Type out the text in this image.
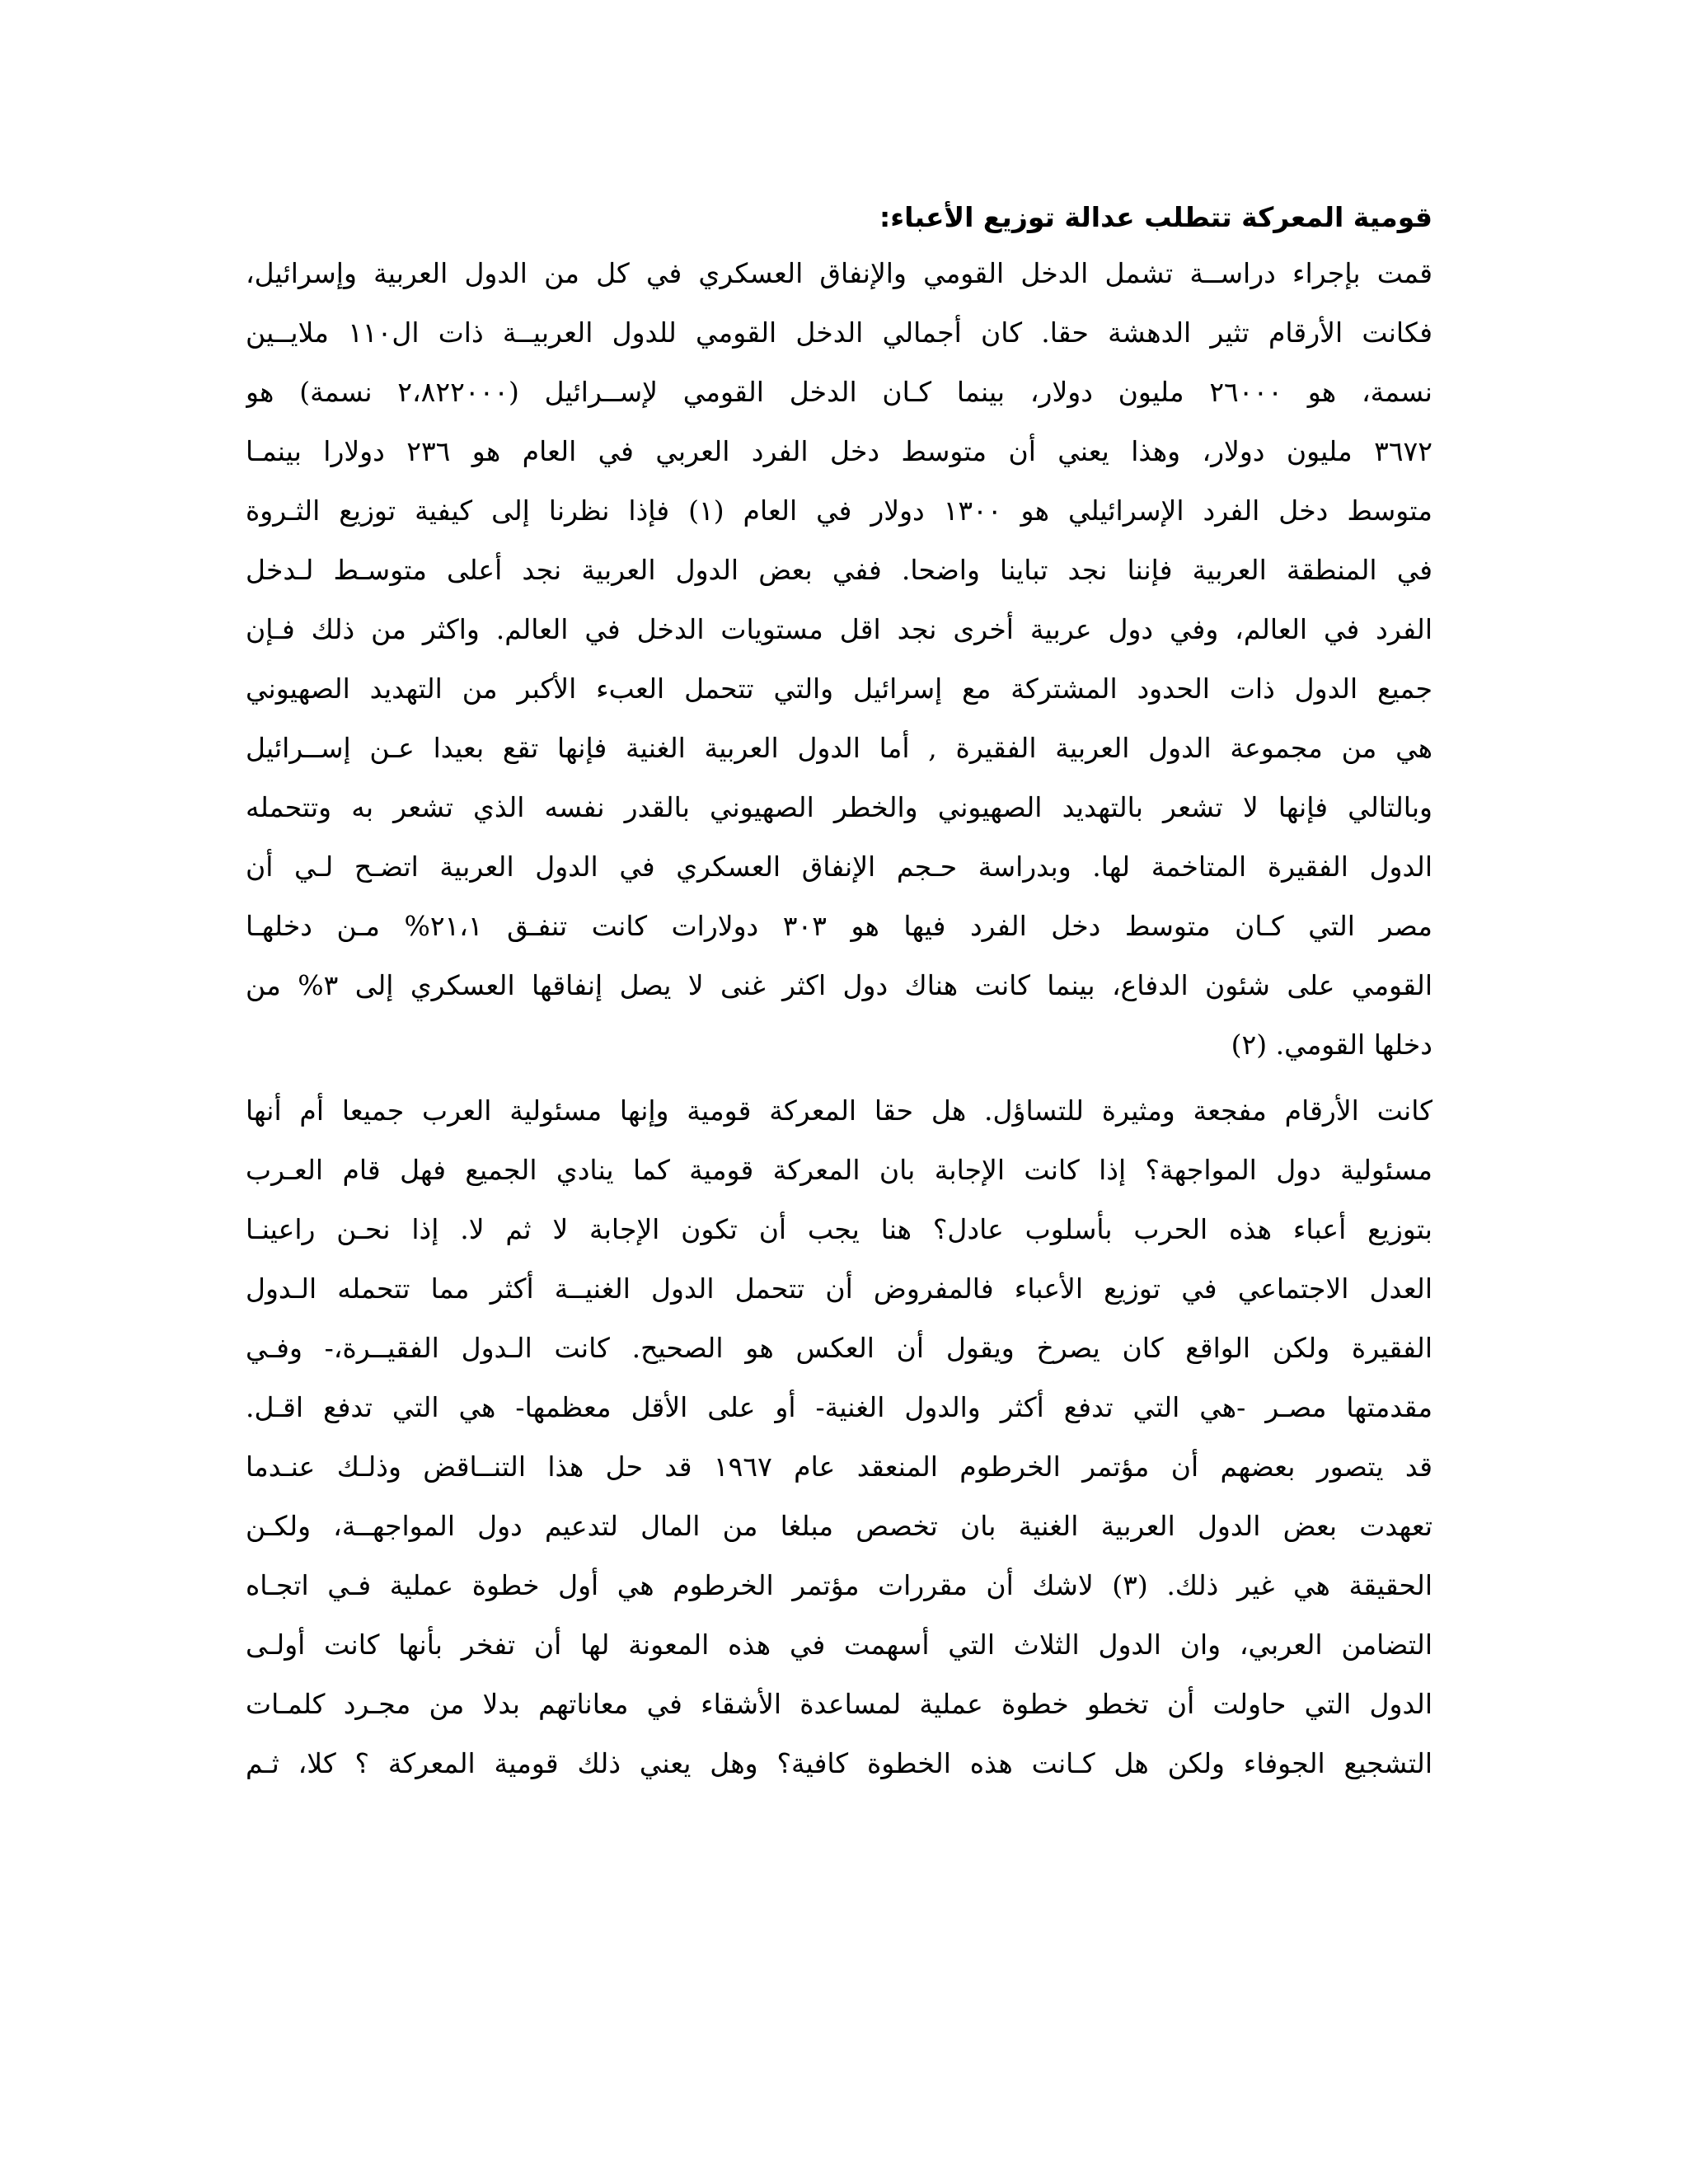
قومية المعركة تتطلب عدالة توزيع الأعباء:
قمت بإجراء دراســة تشمل الدخل القومي والإنفاق العسكري في كل من الدول العربية وإسرائيل،
فكانت الأرقام تثير الدهشة حقا. كان أجمالي الدخل القومي للدول العربيــة ذات ال١١٠ ملايــين
نسمة، هو ٢٦٠٠٠ مليون دولار، بينما كـان الدخل القومي لإســرائيل (٢،٨٢٢٠٠٠ نسمة) هو
٣٦٧٢ مليون دولار، وهذا يعني أن متوسط دخل الفرد العربي في العام هو ٢٣٦ دولارا بينمـا
متوسط دخل الفرد الإسرائيلي هو ١٣٠٠ دولار في العام (١) فإذا نظرنا إلى كيفية توزيع الثـروة
في المنطقة العربية فإننا نجد تباينا واضحا. ففي بعض الدول العربية نجد أعلى متوسـط لـدخل
الفرد في العالم، وفي دول عربية أخرى نجد اقل مستويات الدخل في العالم. واكثر من ذلك فـإن
جميع الدول ذات الحدود المشتركة مع إسرائيل والتي تتحمل العبء الأكبر من التهديد الصهيوني
هي من مجموعة الدول العربية الفقيرة , أما الدول العربية الغنية فإنها تقع بعيدا عـن إســرائيل
وبالتالي فإنها لا تشعر بالتهديد الصهيوني والخطر الصهيوني بالقدر نفسه الذي تشعر به وتتحمله
الدول الفقيرة المتاخمة لها. وبدراسة حـجم الإنفاق العسكري في الدول العربية اتضـح لـي أن
مصر التي كـان متوسط دخل الفرد فيها هو ٣٠٣ دولارات كانت تنفـق ٢١،١% مـن دخلهـا
القومي على شئون الدفاع، بينما كانت هناك دول اكثر غنى لا يصل إنفاقها العسكري إلى ٣% من
دخلها القومي. (٢)
كانت الأرقام مفجعة ومثيرة للتساؤل. هل حقا المعركة قومية وإنها مسئولية العرب جميعا أم أنها
مسئولية دول المواجهة؟ إذا كانت الإجابة بان المعركة قومية كما ينادي الجميع فهل قام العـرب
بتوزيع أعباء هذه الحرب بأسلوب عادل؟ هنا يجب أن تكون الإجابة لا ثم لا. إذا نحـن راعينـا
العدل الاجتماعي في توزيع الأعباء فالمفروض أن تتحمل الدول الغنيــة أكثر مما تتحمله الـدول
الفقيرة ولكن الواقع كان يصرخ ويقول أن العكس هو الصحيح. كانت الـدول الفقيــرة،- وفـي
مقدمتها مصـر -هي التي تدفع أكثر والدول الغنية- أو على الأقل معظمها- هي التي تدفع اقـل.
قد يتصور بعضهم أن مؤتمر الخرطوم المنعقد عام ١٩٦٧ قد حل هذا التنــاقض وذلـك عنـدما
تعهدت بعض الدول العربية الغنية بان تخصص مبلغا من المال لتدعيم دول المواجهــة، ولكـن
الحقيقة هي غير ذلك. (٣) لاشك أن مقررات مؤتمر الخرطوم هي أول خطوة عملية فـي اتجـاه
التضامن العربي، وان الدول الثلاث التي أسهمت في هذه المعونة لها أن تفخر بأنها كانت أولـى
الدول التي حاولت أن تخطو خطوة عملية لمساعدة الأشقاء في معاناتهم بدلا من مجـرد كلمـات
التشجيع الجوفاء ولكن هل كـانت هذه الخطوة كافية؟ وهل يعني ذلك قومية المعركة ؟ كلا، ثـم
